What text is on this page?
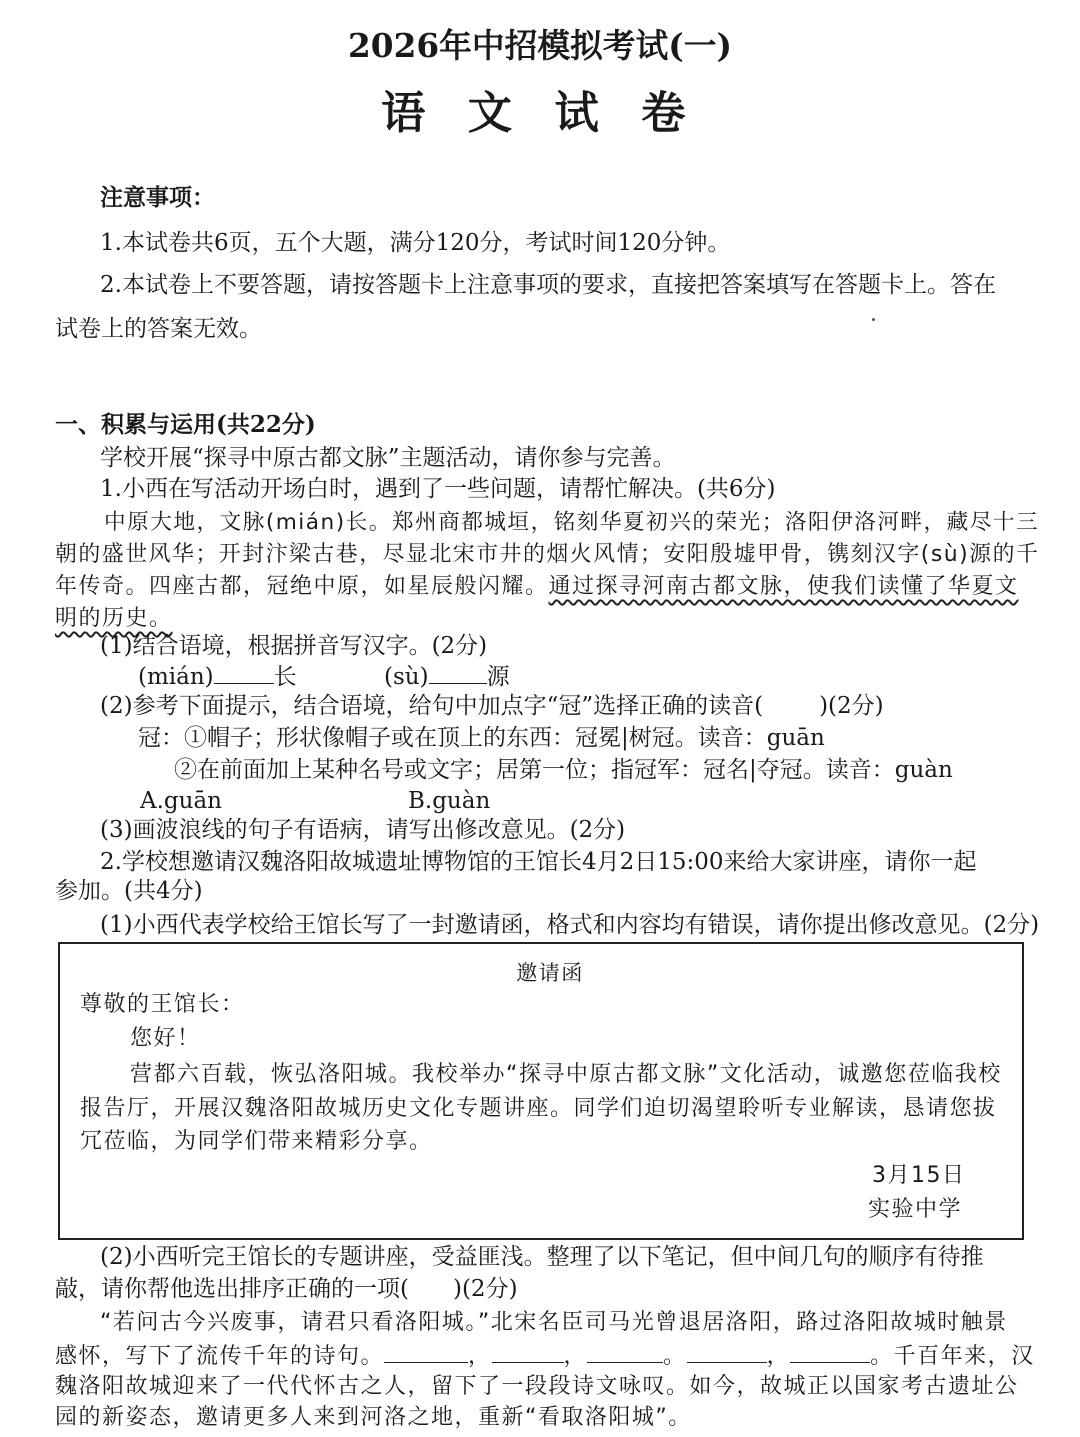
2026年中招模拟考试(一)
语 文 试 卷
注意事项：
1.本试卷共6页，五个大题，满分120分，考试时间120分钟。
2.本试卷上不要答题，请按答题卡上注意事项的要求，直接把答案填写在答题卡上。答在
试卷上的答案无效。
一、积累与运用(共22分)
学校开展“探寻中原古都文脉”主题活动，请你参与完善。
1.小西在写活动开场白时，遇到了一些问题，请帮忙解决。(共6分)
中原大地，文脉(mián)长。郑州商都城垣，铭刻华夏初兴的荣光；洛阳伊洛河畔，藏尽十三
朝的盛世风华；开封汴梁古巷，尽显北宋市井的烟火风情；安阳殷墟甲骨，镌刻汉字(sù)源的千
年传奇。四座古都，冠绝中原，如星辰般闪耀。通过探寻河南古都文脉，使我们读懂了华夏文
明的历史。
(1)结合语境，根据拼音写汉字。(2分)
(mián)	长	(sù)	源
(2)参考下面提示，结合语境，给句中加点字“冠”选择正确的读音( )(2分)
冠：①帽子；形状像帽子或在顶上的东西：冠冕|树冠。读音：guān
②在前面加上某种名号或文字；居第一位；指冠军：冠名|夺冠。读音：guàn
A.guān	B.guàn
(3)画波浪线的句子有语病，请写出修改意见。(2分)
2.学校想邀请汉魏洛阳故城遗址博物馆的王馆长4月2日15:00来给大家讲座，请你一起
参加。(共4分)
(1)小西代表学校给王馆长写了一封邀请函，格式和内容均有错误，请你提出修改意见。(2分)
邀请函
尊敬的王馆长：
您好！
营都六百载，恢弘洛阳城。我校举办“探寻中原古都文脉”文化活动，诚邀您莅临我校
报告厅，开展汉魏洛阳故城历史文化专题讲座。同学们迫切渴望聆听专业解读，恳请您拔
冗莅临，为同学们带来精彩分享。
3月15日
实验中学
(2)小西听完王馆长的专题讲座，受益匪浅。整理了以下笔记，但中间几句的顺序有待推
敲，请你帮他选出排序正确的一项( )(2分)
“若问古今兴废事，请君只看洛阳城。”北宋名臣司马光曾退居洛阳，路过洛阳故城时触景
感怀，写下了流传千年的诗句。	，	，	。	，	。千百年来，汉
魏洛阳故城迎来了一代代怀古之人，留下了一段段诗文咏叹。如今，故城正以国家考古遗址公
园的新姿态，邀请更多人来到河洛之地，重新“看取洛阳城”。
